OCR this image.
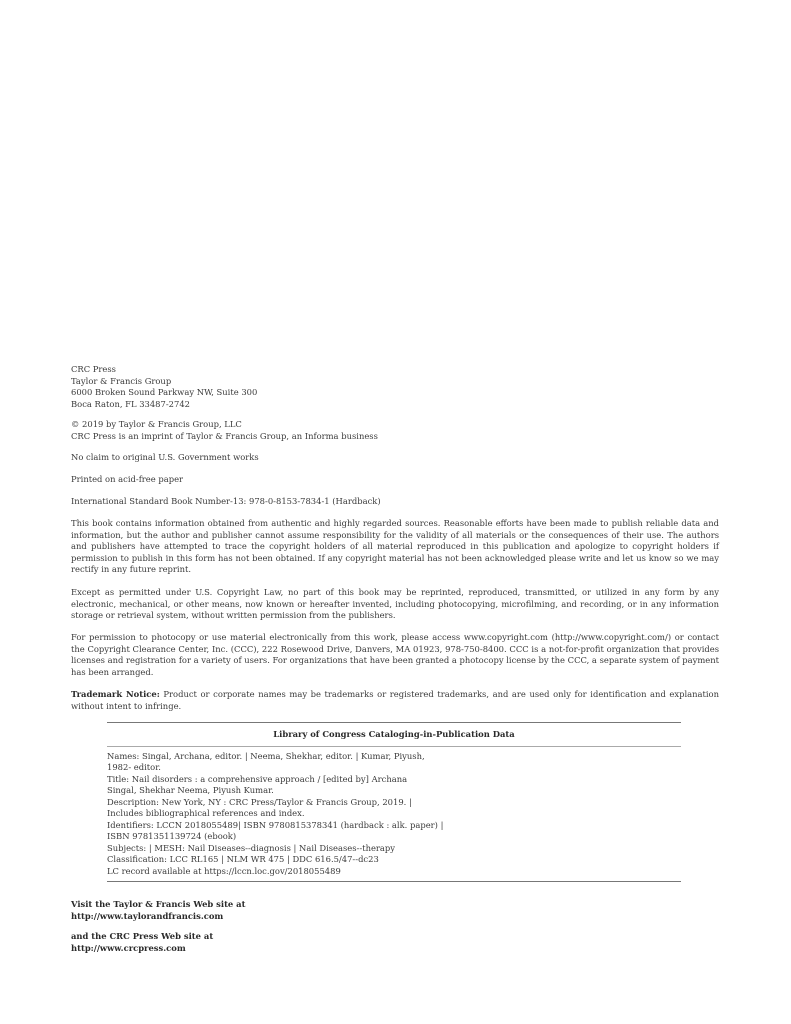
CRC Press
Taylor & Francis Group
6000 Broken Sound Parkway NW, Suite 300
Boca Raton, FL 33487-2742
© 2019 by Taylor & Francis Group, LLC
CRC Press is an imprint of Taylor & Francis Group, an Informa business
No claim to original U.S. Government works
Printed on acid-free paper
International Standard Book Number-13: 978-0-8153-7834-1 (Hardback)

This book contains information obtained from authentic and highly regarded sources. Reasonable efforts have been made to publish reliable data and information, but the author and publisher cannot assume responsibility for the validity of all materials or the consequences of their use. The authors and publishers have attempted to trace the copyright holders of all material reproduced in this publication and apologize to copyright holders if permission to publish in this form has not been obtained. If any copyright material has not been acknowledged please write and let us know so we may rectify in any future reprint.

Except as permitted under U.S. Copyright Law, no part of this book may be reprinted, reproduced, transmitted, or utilized in any form by any electronic, mechanical, or other means, now known or hereafter invented, including photocopying, microfilming, and recording, or in any information storage or retrieval system, without written permission from the publishers.

For permission to photocopy or use material electronically from this work, please access www.copyright.com (http://www.copyright.com/) or contact the Copyright Clearance Center, Inc. (CCC), 222 Rosewood Drive, Danvers, MA 01923, 978-750-8400. CCC is a not-for-profit organization that provides licenses and registration for a variety of users. For organizations that have been granted a photocopy license by the CCC, a separate system of payment has been arranged.

Trademark Notice: Product or corporate names may be trademarks or registered trademarks, and are used only for identification and explanation without intent to infringe.

Library of Congress Cataloging-in-Publication Data
Names: Singal, Archana, editor. | Neema, Shekhar, editor. | Kumar, Piyush,
1982- editor.
Title: Nail disorders : a comprehensive approach / [edited by] Archana
Singal, Shekhar Neema, Piyush Kumar.
Description: New York, NY : CRC Press/Taylor & Francis Group, 2019. |
Includes bibliographical references and index.
Identifiers: LCCN 2018055489| ISBN 9780815378341 (hardback : alk. paper) |
ISBN 9781351139724 (ebook)
Subjects: | MESH: Nail Diseases--diagnosis | Nail Diseases--therapy
Classification: LCC RL165 | NLM WR 475 | DDC 616.5/47--dc23
LC record available at https://lccn.loc.gov/2018055489
Visit the Taylor & Francis Web site at
http://www.taylorandfrancis.com
and the CRC Press Web site at
http://www.crcpress.com
